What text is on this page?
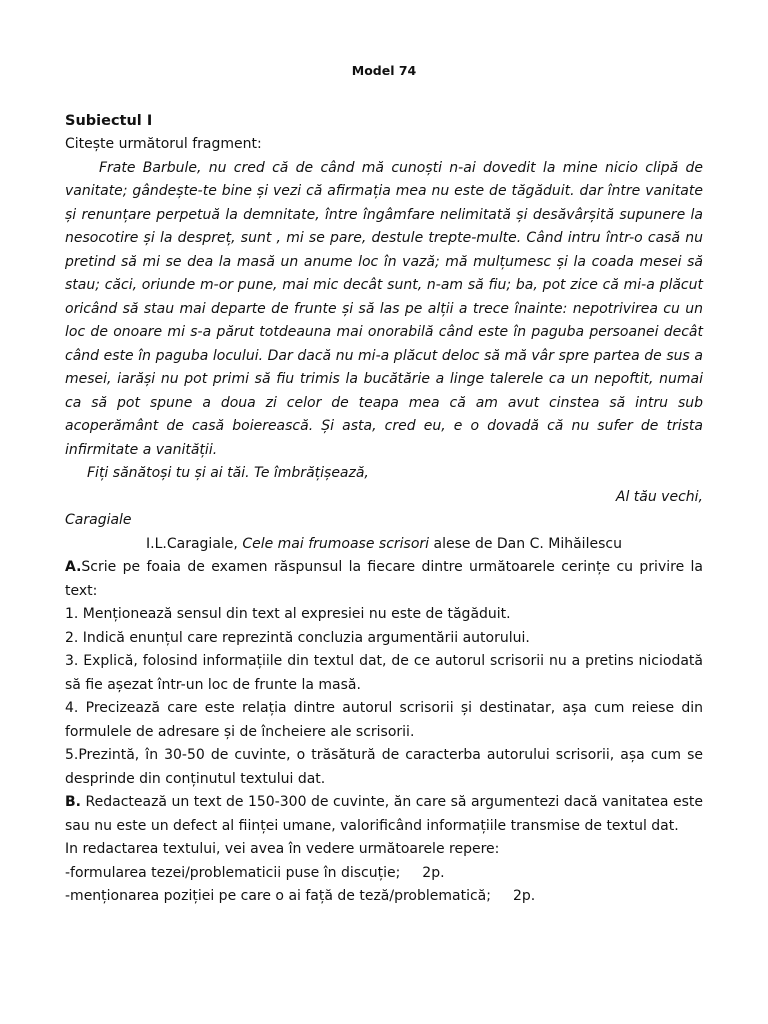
Model 74
Subiectul I
Citește următorul fragment:

Frate Barbule, nu cred că de când mă cunoști n-ai dovedit la mine nicio clipă de vanitate; gândește-te bine și vezi că afirmația mea nu este de tăgăduit. dar între vanitate și renunțare perpetuă la demnitate, între îngâmfare nelimitată și desăvârșită supunere la nesocotire și la despreț, sunt , mi se pare, destule trepte-multe. Când intru într-o casă nu pretind să mi se dea la masă un anume loc în vază; mă mulțumesc și la coada mesei să stau; căci, oriunde m-or pune, mai mic decât sunt, n-am să fiu; ba, pot zice că mi-a plăcut oricând să stau mai departe de frunte și să las pe alții a trece înainte: nepotrivirea cu un loc de onoare mi s-a părut totdeauna mai onorabilă când este în paguba persoanei decât când este în paguba locului. Dar dacă nu mi-a plăcut deloc să mă vâr spre partea de sus a mesei, iarăși nu pot primi să fiu trimis la bucătărie a linge talerele ca un nepoftit, numai ca să pot spune a doua zi celor de teapa mea că am avut cinstea să intru sub acoperământ de casă boierească. Și asta, cred eu, e o dovadă că nu sufer de trista infirmitate a vanității.

Fiți sănătoși tu și ai tăi. Te îmbrățișează,

Al tău vechi,

Caragiale

I.L.Caragiale, Cele mai frumoase scrisori alese de Dan C. Mihăilescu

A.Scrie pe foaia de examen răspunsul la fiecare dintre următoarele cerințe cu privire la text:

1. Menționează sensul din text al expresiei nu este de tăgăduit.

2. Indică enunțul care reprezintă concluzia argumentării autorului.

3. Explică, folosind informațiile din textul dat, de ce autorul scrisorii nu a pretins niciodată să fie așezat într-un loc de frunte la masă.

4. Precizează care este relația dintre autorul scrisorii și destinatar, așa cum reiese din formulele de adresare și de încheiere ale scrisorii.

5.Prezintă, în 30-50 de cuvinte, o trăsătură de caracterba autorului scrisorii, așa cum se desprinde din conținutul textului dat.

B. Redactează un text de 150-300 de cuvinte, ăn care să argumentezi dacă vanitatea este sau nu este un defect al ființei umane, valorificând informațiile transmise de textul dat.

In redactarea textului, vei avea în vedere următoarele repere:

-formularea tezei/problematicii puse în discuție; 2p.

-menționarea poziției pe care o ai față de teză/problematică; 2p.
